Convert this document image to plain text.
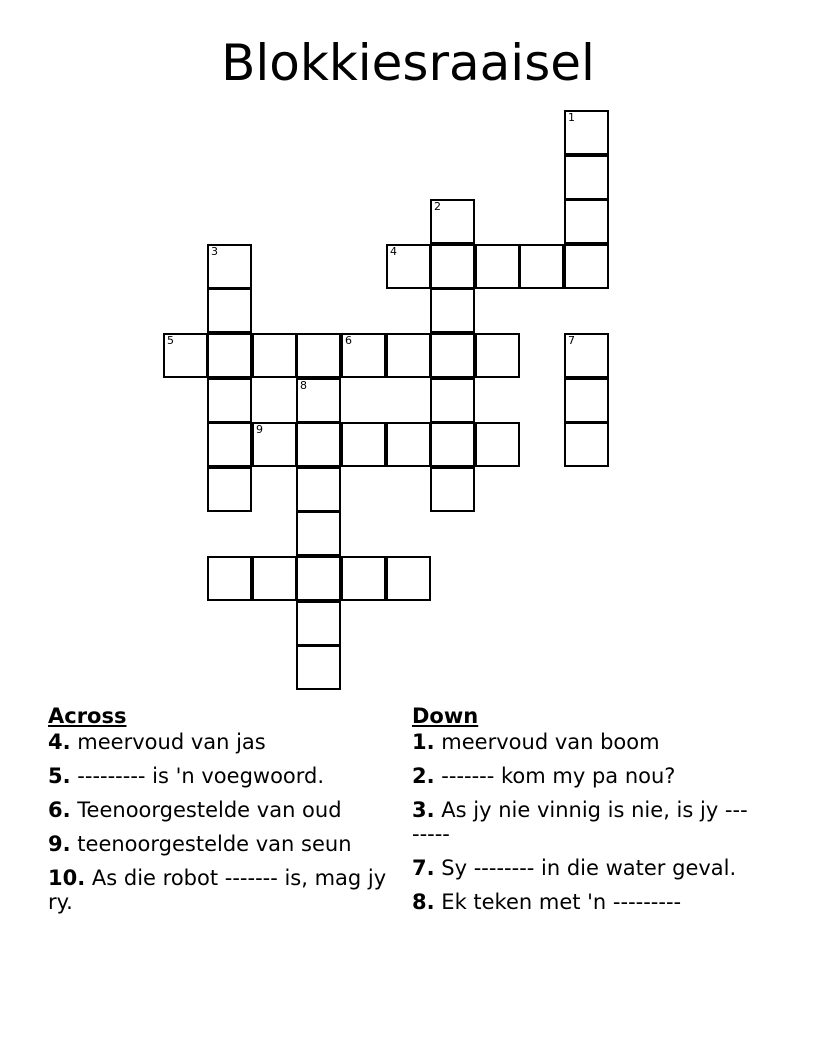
Blokkiesraaisel
1
2
3	4
5	6	7
8
9
Across
4. meervoud van jas
5. --------- is 'n voegwoord.
6. Teenoorgestelde van oud
9. teenoorgestelde van seun
10. As die robot ------- is, mag jy ry.
Down
1. meervoud van boom
2. ------- kom my pa nou?
3. As jy nie vinnig is nie, is jy --------
7. Sy -------- in die water geval.
8. Ek teken met 'n ---------
